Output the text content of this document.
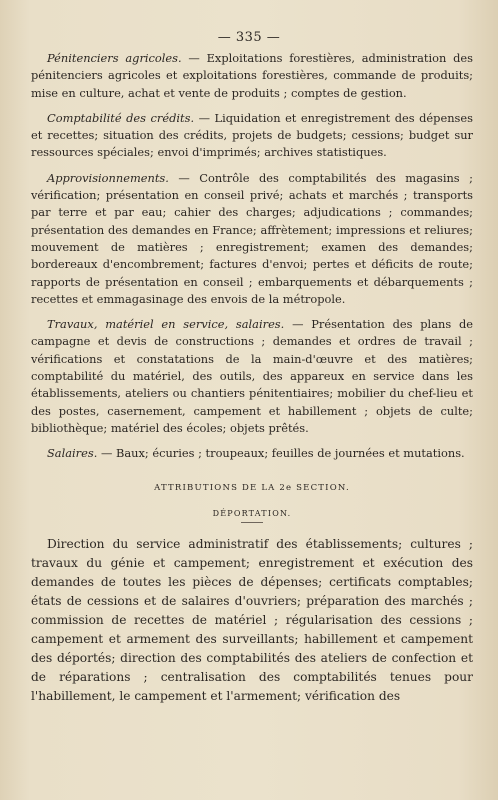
— 335 —

Pénitenciers agricoles. — Exploitations forestières, administration des pénitenciers agricoles et exploitations forestières, commande de produits; mise en culture, achat et vente de produits ; comptes de gestion.

Comptabilité des crédits. — Liquidation et enregistrement des dépenses et recettes; situation des crédits, projets de budgets; cessions; budget sur ressources spéciales; envoi d'imprimés; archives statistiques.

Approvisionnements. — Contrôle des comptabilités des magasins ; vérification; présentation en conseil privé; achats et marchés ; transports par terre et par eau; cahier des charges; adjudications ; commandes; présentation des demandes en France; affrètement; impressions et reliures; mouvement de matières ; enregistrement; examen des demandes; bordereaux d'encombrement; factures d'envoi; pertes et déficits de route; rapports de présentation en conseil ; embarquements et débarquements ; recettes et emmagasinage des envois de la métropole.

Travaux, matériel en service, salaires. — Présentation des plans de campagne et devis de constructions ; demandes et ordres de travail ; vérifications et constatations de la main-d'œuvre et des matières; comptabilité du matériel, des outils, des appareux en service dans les établissements, ateliers ou chantiers pénitentiaires; mobilier du chef-lieu et des postes, casernement, campement et habillement ; objets de culte; bibliothèque; matériel des écoles; objets prêtés.

Salaires. — Baux; écuries ; troupeaux; feuilles de journées et mutations.

ATTRIBUTIONS DE LA 2e SECTION.
DÉPORTATION.

Direction du service administratif des établissements; cultures ; travaux du génie et campement; enregistrement et exécution des demandes de toutes les pièces de dépenses; certificats comptables; états de cessions et de salaires d'ouvriers; préparation des marchés ; commission de recettes de matériel ; régularisation des cessions ; campement et armement des surveillants; habillement et campement des déportés; direction des comptabilités des ateliers de confection et de réparations ; centralisation des comptabilités tenues pour l'habillement, le campement et l'armement; vérification des
